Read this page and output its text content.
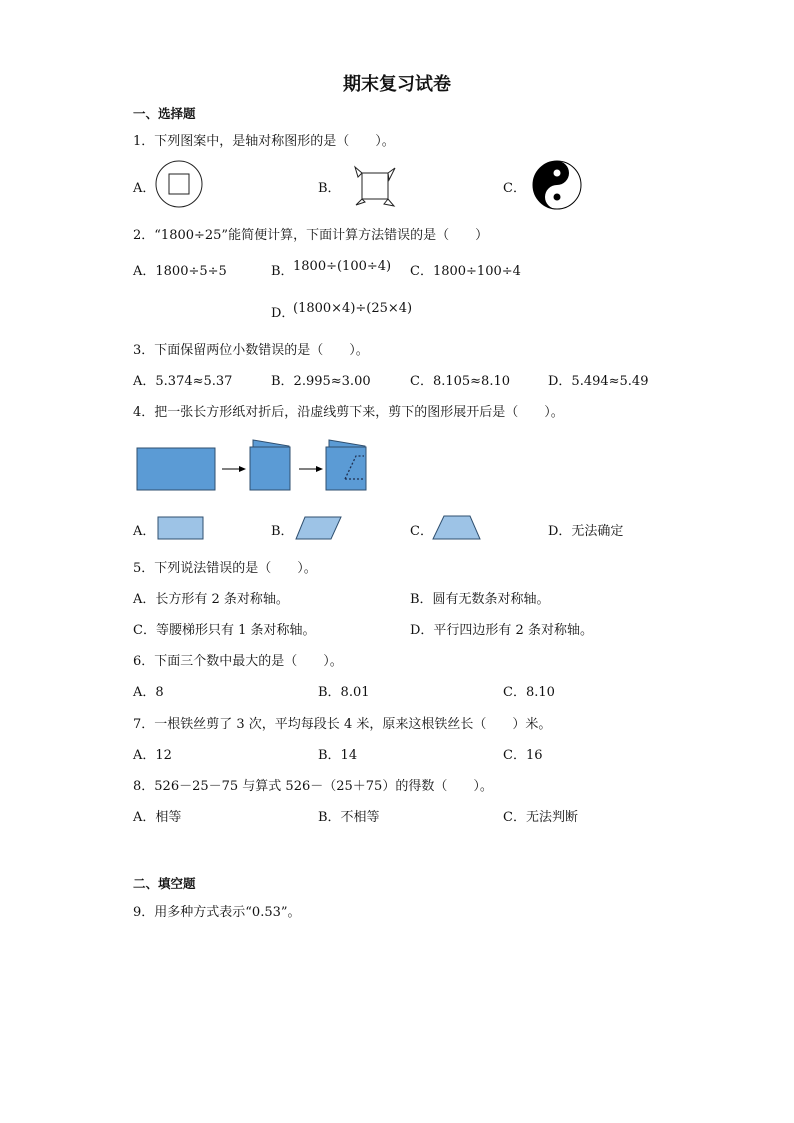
期末复习试卷
一、选择题
1．下列图案中，是轴对称图形的是（　　）。
A．	B．	C．
2．“1800÷25”能简便计算，下面计算方法错误的是（　　）
A．1800÷5÷5	B． 1800÷(100÷4) C．1800÷100÷4
D．
(1800×4)÷(25×4)
3．下面保留两位小数错误的是（　　）。
A．5.374≈5.37	B．2.995≈3.00	C．8.105≈8.10	D．5.494≈5.49
4．把一张长方形纸对折后，沿虚线剪下来，剪下的图形展开后是（　　）。
A．	B．	C．	D．无法确定
5．下列说法错误的是（　　）。
A．长方形有 2 条对称轴。	B．圆有无数条对称轴。
C．等腰梯形只有 1 条对称轴。	D．平行四边形有 2 条对称轴。
6．下面三个数中最大的是（　　）。
A．8	B．8.01	C．8.10
7．一根铁丝剪了 3 次，平均每段长 4 米，原来这根铁丝长（　　）米。
A．12	B．14	C．16
8．526－25－75 与算式 526－（25＋75）的得数（　　）。
A．相等	B．不相等	C．无法判断
二、填空题
9．用多种方式表示“0.53”。
